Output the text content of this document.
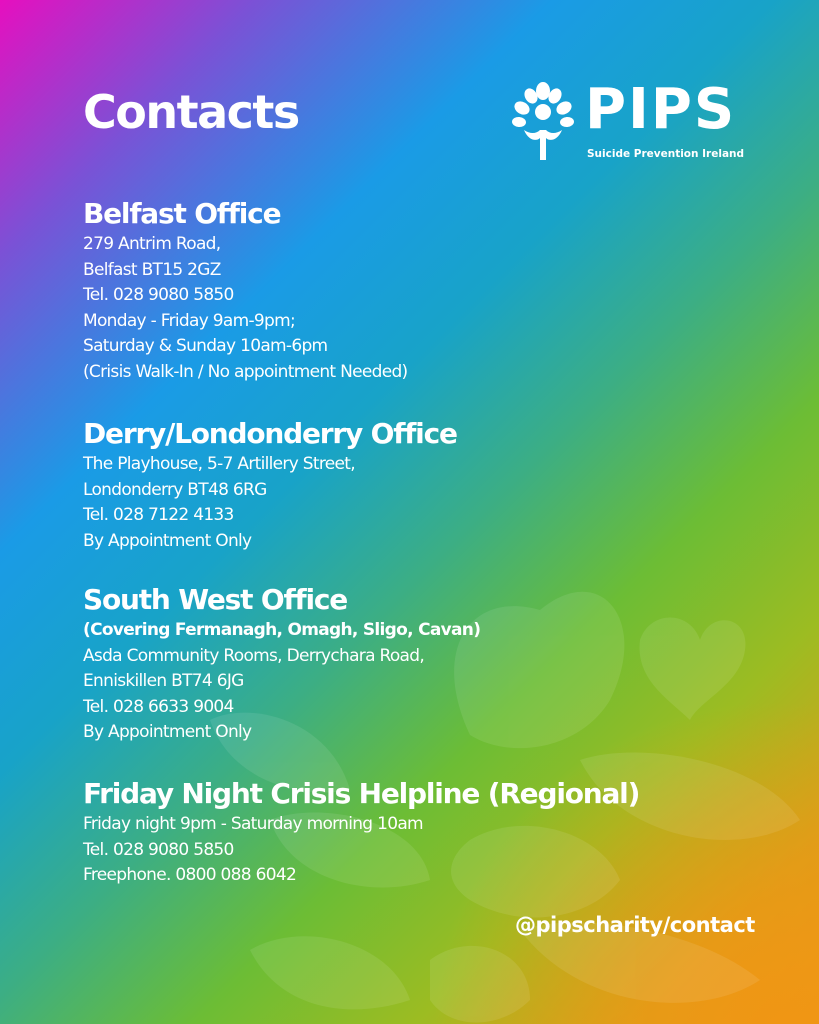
Contacts	PIPS
Suicide Prevention Ireland
Belfast Office
279 Antrim Road,
Belfast BT15 2GZ
Tel. 028 9080 5850
Monday - Friday 9am-9pm;
Saturday & Sunday 10am-6pm
(Crisis Walk-In / No appointment Needed)
Derry/Londonderry Office
The Playhouse, 5-7 Artillery Street,
Londonderry BT48 6RG
Tel. 028 7122 4133
By Appointment Only
South West Office
(Covering Fermanagh, Omagh, Sligo, Cavan)
Asda Community Rooms, Derrychara Road,
Enniskillen BT74 6JG
Tel. 028 6633 9004
By Appointment Only
Friday Night Crisis Helpline (Regional)
Friday night 9pm - Saturday morning 10am
Tel. 028 9080 5850
Freephone. 0800 088 6042
@pipscharity/contact
